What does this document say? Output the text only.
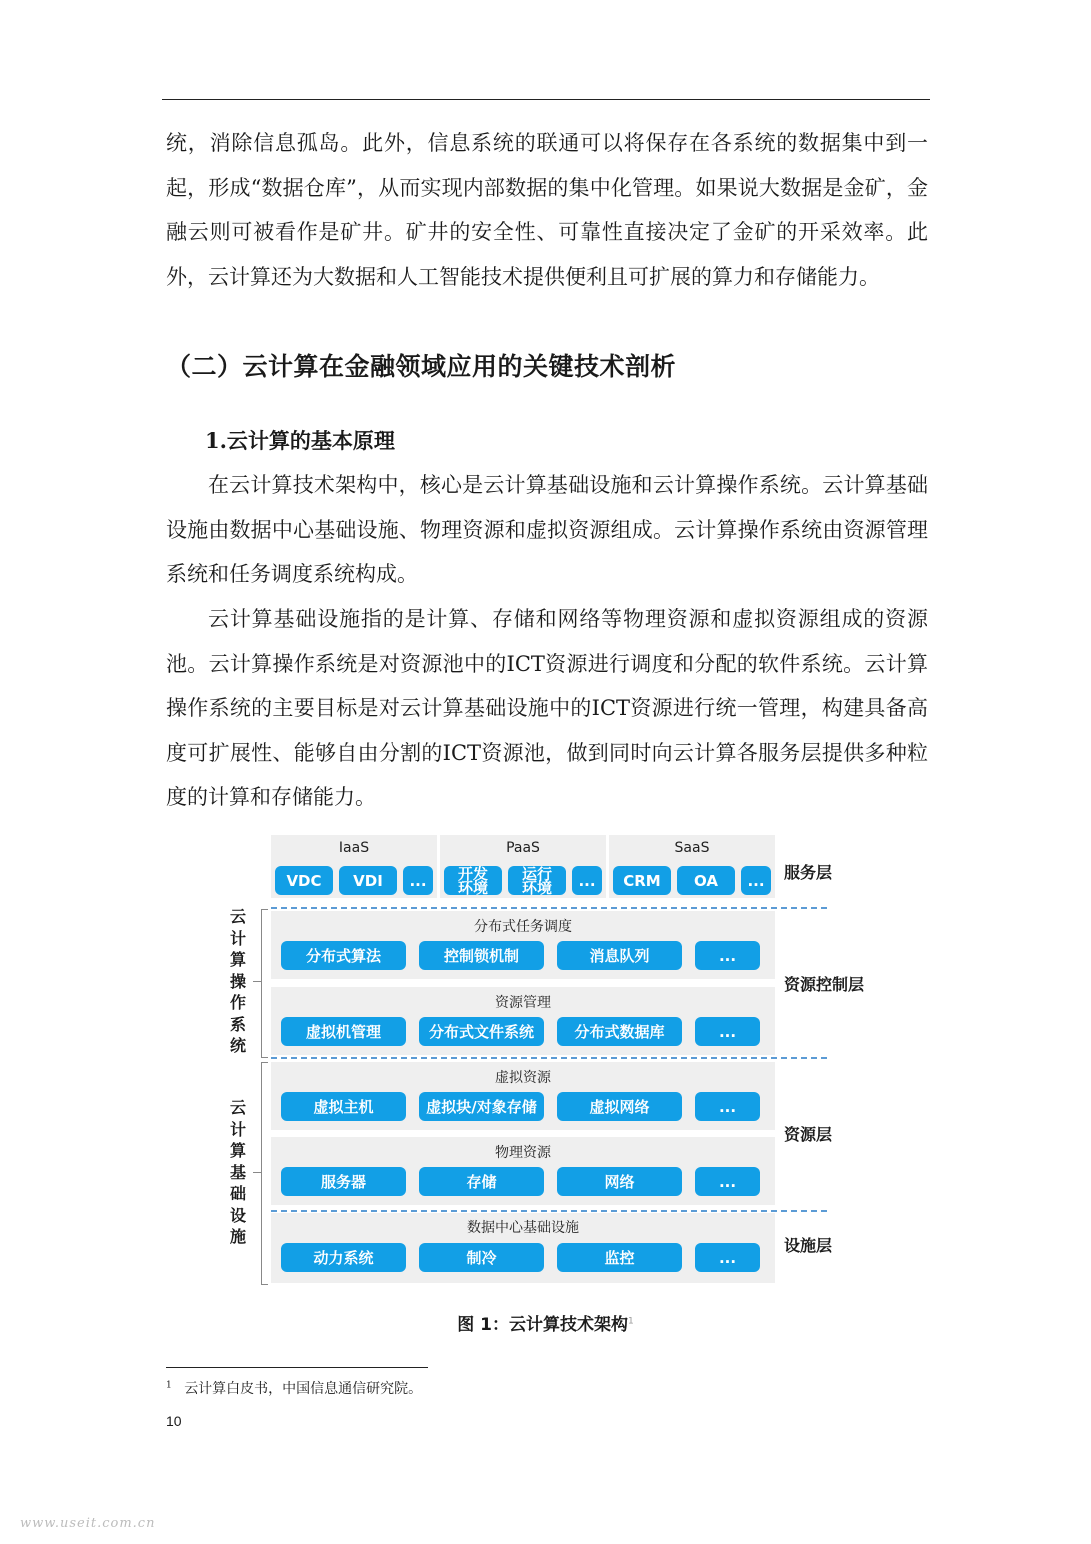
统，消除信息孤岛。此外，信息系统的联通可以将保存在各系统的数据集中到一起，形成“数据仓库”，从而实现内部数据的集中化管理。如果说大数据是金矿，金融云则可被看作是矿井。矿井的安全性、可靠性直接决定了金矿的开采效率。此外，云计算还为大数据和人工智能技术提供便利且可扩展的算力和存储能力。

（二）云计算在金融领域应用的关键技术剖析
1.云计算的基本原理

在云计算技术架构中，核心是云计算基础设施和云计算操作系统。云计算基础设施由数据中心基础设施、物理资源和虚拟资源组成。云计算操作系统由资源管理系统和任务调度系统构成。

云计算基础设施指的是计算、存储和网络等物理资源和虚拟资源组成的资源池。云计算操作系统是对资源池中的ICT资源进行调度和分配的软件系统。云计算操作系统的主要目标是对云计算基础设施中的ICT资源进行统一管理，构建具备高度可扩展性、能够自由分割的ICT资源池，做到同时向云计算各服务层提供多种粒度的计算和存储能力。

IaaS
VDC	VDI	...
PaaS
开发
环境
运行
环境	...
SaaS
CRM	OA	...
分布式任务调度
分布式算法	控制锁机制	消息队列	...
资源管理
虚拟机管理	分布式文件系统	分布式数据库	...
虚拟资源
虚拟主机	虚拟块/对象存储	虚拟网络	...
物理资源
服务器	存储	网络	...
数据中心基础设施
动力系统	制冷	监控	...
云计算操作系统
云计算基础设施
服务层
资源控制层
资源层
设施层
图 1：云计算技术架构$^1$
$^1$ 云计算白皮书，中国信息通信研究院。
10
www.useit.com.cn
